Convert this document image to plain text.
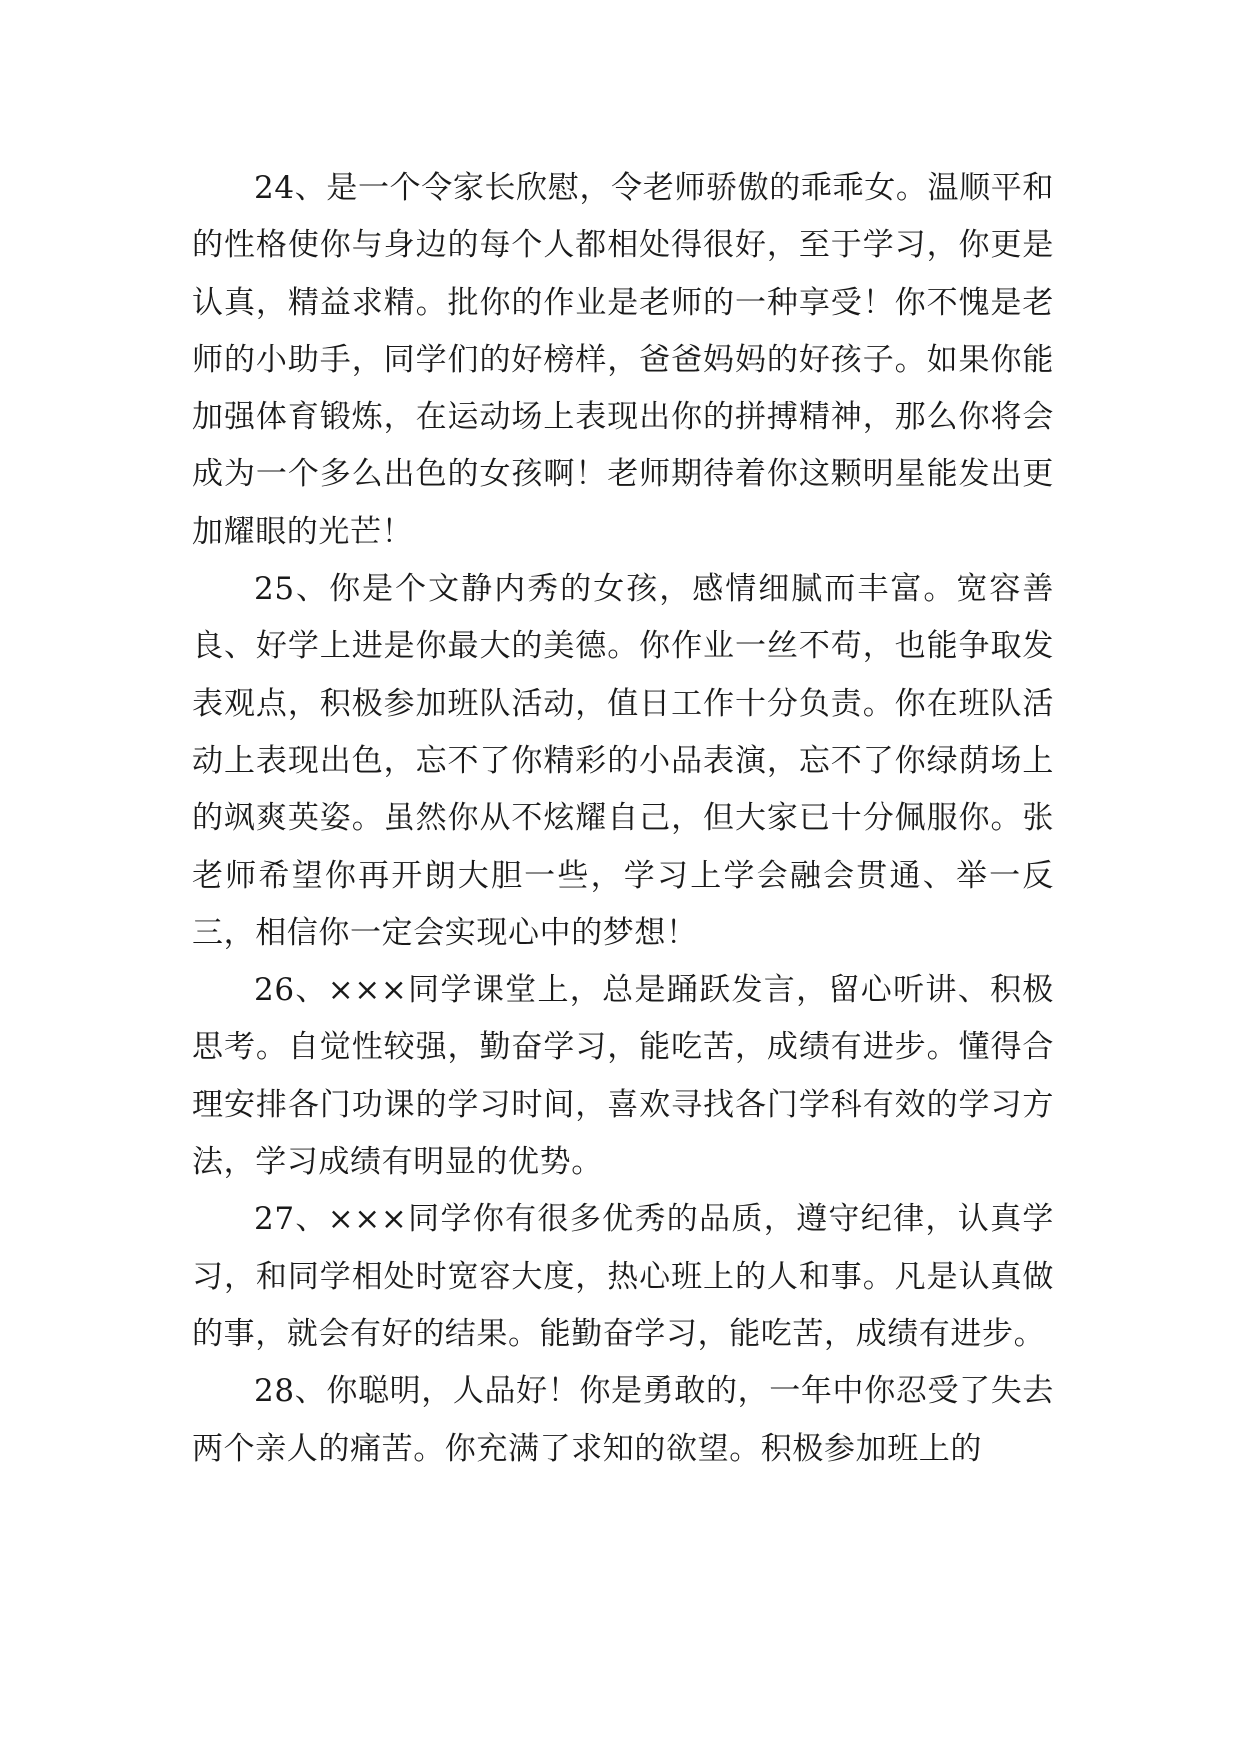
24、是一个令家长欣慰，令老师骄傲的乖乖女。温顺平和的性格使你与身边的每个人都相处得很好，至于学习，你更是认真，精益求精。批你的作业是老师的一种享受！你不愧是老师的小助手，同学们的好榜样，爸爸妈妈的好孩子。如果你能加强体育锻炼，在运动场上表现出你的拼搏精神，那么你将会成为一个多么出色的女孩啊！老师期待着你这颗明星能发出更加耀眼的光芒！

25、你是个文静内秀的女孩，感情细腻而丰富。宽容善良、好学上进是你最大的美德。你作业一丝不苟，也能争取发表观点，积极参加班队活动，值日工作十分负责。你在班队活动上表现出色，忘不了你精彩的小品表演，忘不了你绿荫场上的飒爽英姿。虽然你从不炫耀自己，但大家已十分佩服你。张老师希望你再开朗大胆一些，学习上学会融会贯通、举一反三，相信你一定会实现心中的梦想！

26、×××同学课堂上，总是踊跃发言，留心听讲、积极思考。自觉性较强，勤奋学习，能吃苦，成绩有进步。懂得合理安排各门功课的学习时间，喜欢寻找各门学科有效的学习方法，学习成绩有明显的优势。

27、×××同学你有很多优秀的品质，遵守纪律，认真学习，和同学相处时宽容大度，热心班上的人和事。凡是认真做的事，就会有好的结果。能勤奋学习，能吃苦，成绩有进步。

28、你聪明，人品好！你是勇敢的，一年中你忍受了失去两个亲人的痛苦。你充满了求知的欲望。积极参加班上的
